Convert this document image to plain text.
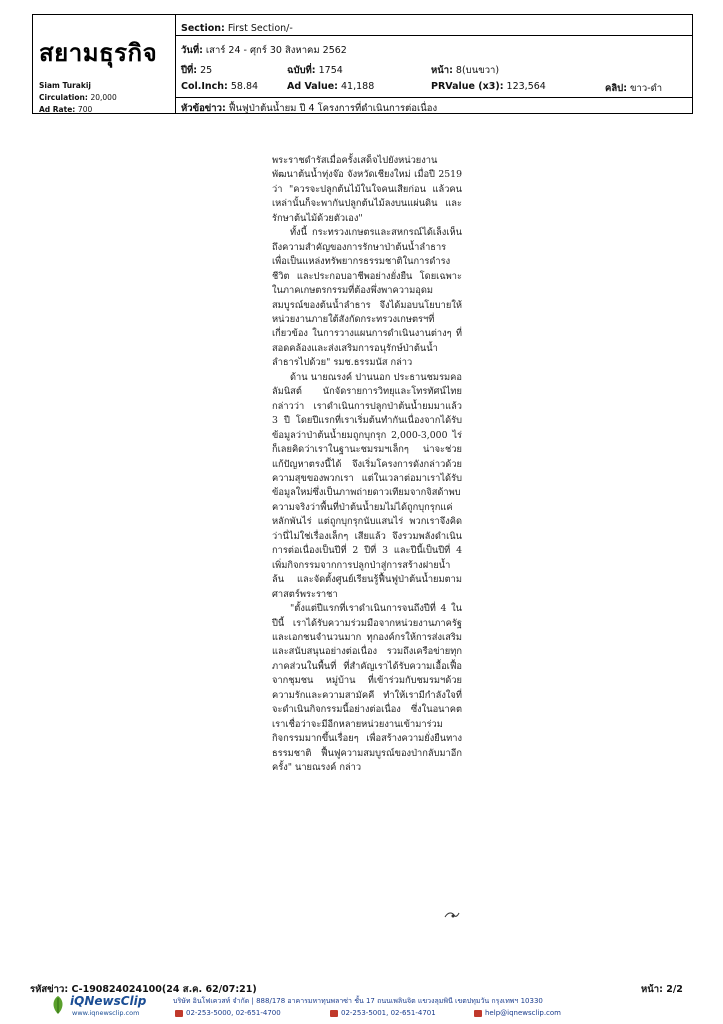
สยามธุรกิจ
Siam Turakij
Circulation: 20,000
Ad Rate: 700
Section: First Section/-
วันที่: เสาร์ 24 - ศุกร์ 30 สิงหาคม 2562
ปีที่: 25	ฉบับที่: 1754	หน้า: 8(บนขวา)
Col.Inch: 58.84	Ad Value: 41,188	PRValue (x3): 123,564	คลิป: ขาว-ดำ
หัวข้อข่าว: ฟื้นฟูป่าต้นน้ำยม ปี 4 โครงการที่ดำเนินการต่อเนื่อง

พระราชดำรัสเมื่อครั้งเสด็จไปยังหน่วยงานพัฒนาต้นน้ำทุ่งจ๊อ จังหวัดเชียงใหม่ เมื่อปี 2519 ว่า "ควรจะปลูกต้นไม้ในใจคนเสียก่อน แล้วคนเหล่านั้นก็จะพากันปลูกต้นไม้ลงบนแผ่นดิน และรักษาต้นไม้ด้วยตัวเอง"

ทั้งนี้ กระทรวงเกษตรและสหกรณ์ได้เล็งเห็นถึงความสำคัญของการรักษาป่าต้นน้ำลำธาร เพื่อเป็นแหล่งทรัพยากรธรรมชาติในการดำรงชีวิต และประกอบอาชีพอย่างยั่งยืน โดยเฉพาะในภาคเกษตรกรรมที่ต้องพึ่งพาความอุดมสมบูรณ์ของต้นน้ำลำธาร จึงได้มอบนโยบายให้หน่วยงานภายใต้สังกัดกระทรวงเกษตรฯที่เกี่ยวข้อง ในการวางแผนการดำเนินงานต่างๆ ที่สอดคล้องและส่งเสริมการอนุรักษ์ป่าต้นน้ำลำธารไปด้วย" รมช.ธรรมนัส กล่าว

ด้าน นายณรงค์ ปานนอก ประธานชมรมคอลัมนิสต์ นักจัดรายการวิทยุและโทรทัศน์ไทย กล่าวว่า เราดำเนินการปลูกป่าต้นน้ำยมมาแล้ว 3 ปี โดยปีแรกที่เราเริ่มต้นทำกันเนื่องจากได้รับข้อมูลว่าป่าต้นน้ำยมถูกบุกรุก 2,000-3,000 ไร่ ก็เลยคิดว่าเราในฐานะชมรมฯเล็กๆ น่าจะช่วยแก้ปัญหาตรงนี้ได้ จึงเริ่มโครงการดังกล่าวด้วยความสุขของพวกเรา แต่ในเวลาต่อมาเราได้รับข้อมูลใหม่ซึ่งเป็นภาพถ่ายดาวเทียมจากจิสด้าพบความจริงว่าพื้นที่ป่าต้นน้ำยมไม่ได้ถูกบุกรุกแค่หลักพันไร่ แต่ถูกบุกรุกนับแสนไร่ พวกเราจึงคิดว่านี่ไม่ใช่เรื่องเล็กๆ เสียแล้ว จึงรวมพลังดำเนินการต่อเนื่องเป็นปีที่ 2 ปีที่ 3 และปีนี้เป็นปีที่ 4 เพิ่มกิจกรรมจากการปลูกป่าสู่การสร้างฝายน้ำล้น และจัดตั้งศูนย์เรียนรู้ฟื้นฟูป่าต้นน้ำยมตามศาสตร์พระราชา

"ตั้งแต่ปีแรกที่เราดำเนินการจนถึงปีที่ 4 ในปีนี้ เราได้รับความร่วมมือจากหน่วยงานภาครัฐและเอกชนจำนวนมาก ทุกองค์กรให้การส่งเสริมและสนับสนุนอย่างต่อเนื่อง รวมถึงเครือข่ายทุกภาคส่วนในพื้นที่ ที่สำคัญเราได้รับความเอื้อเฟื้อจากชุมชน หมู่บ้าน ที่เข้าร่วมกับชมรมฯด้วยความรักและความสามัคคี ทำให้เรามีกำลังใจที่จะดำเนินกิจกรรมนี้อย่างต่อเนื่อง ซึ่งในอนาคตเราเชื่อว่าจะมีอีกหลายหน่วยงานเข้ามาร่วมกิจกรรมมากขึ้นเรื่อยๆ เพื่อสร้างความยั่งยืนทางธรรมชาติ ฟื้นฟูความสมบูรณ์ของป่ากลับมาอีกครั้ง" นายณรงค์ กล่าว

รหัสข่าว: C-190824024100(24 ส.ค. 62/07:21)	หน้า: 2/2
iQNewsClip
www.iqnewsclip.com
บริษัท อินโฟเควสท์ จำกัด | 888/178 อาคารมหาทุนพลาซ่า ชั้น 17 ถนนเพลินจิต แขวงลุมพินี เขตปทุมวัน กรุงเทพฯ 10330
02-253-5000, 02-651-4700	02-253-5001, 02-651-4701	help@iqnewsclip.com
